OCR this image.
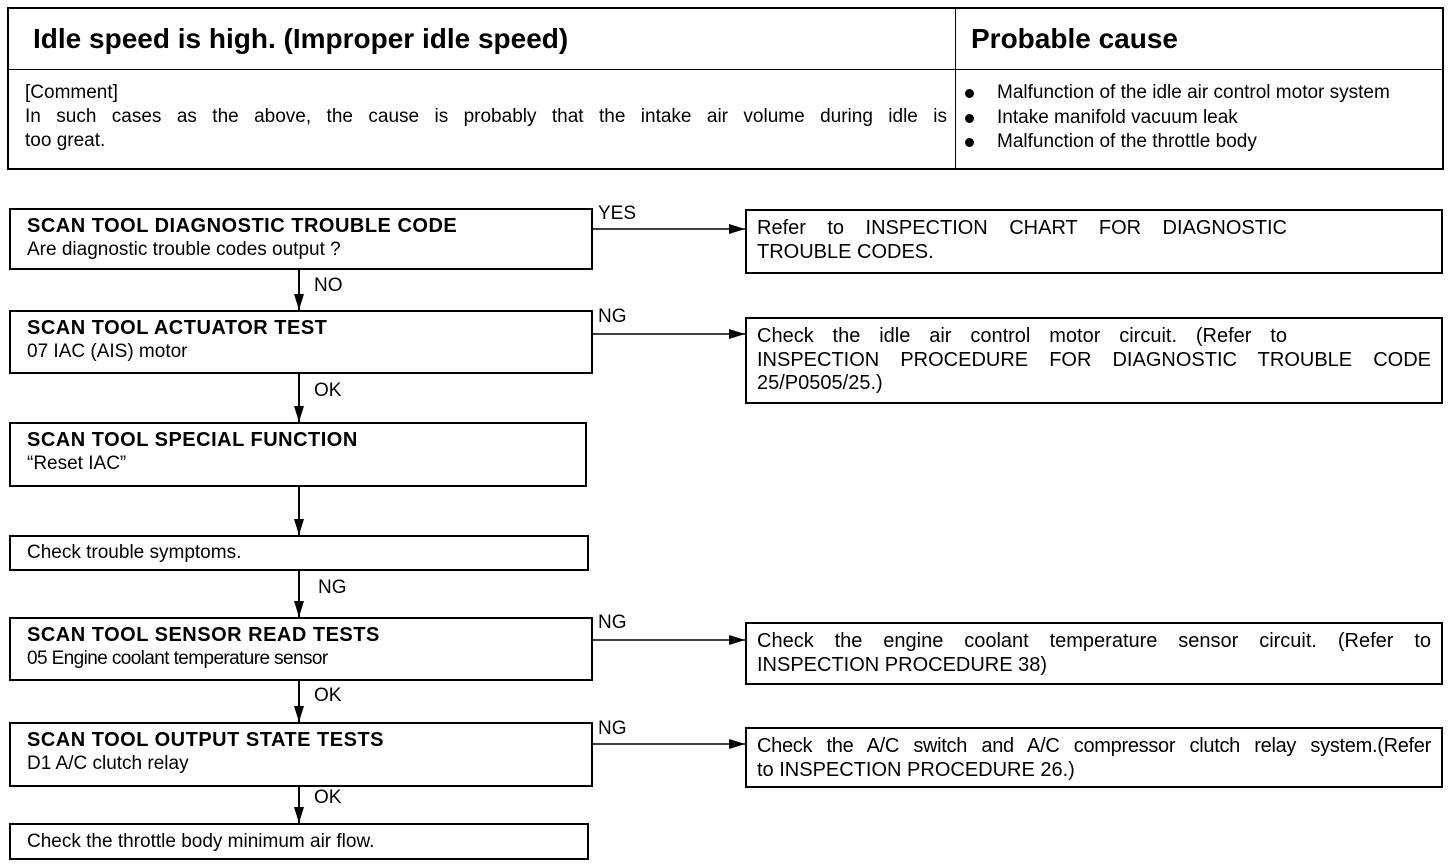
Idle speed is high. (Improper idle speed)	Probable cause
[Comment]
In such cases as the above, the cause is probably that the intake air volume during idle is
too great.
Malfunction of the idle air control motor system
Intake manifold vacuum leak
Malfunction of the throttle body
SCAN TOOL DIAGNOSTIC TROUBLE CODE
Are diagnostic trouble codes output ?
SCAN TOOL ACTUATOR TEST
07 IAC (AIS) motor
SCAN TOOL SPECIAL FUNCTION
“Reset IAC”
Check trouble symptoms.
SCAN TOOL SENSOR READ TESTS
05 Engine coolant temperature sensor
SCAN TOOL OUTPUT STATE TESTS
D1 A/C clutch relay
Check the throttle body minimum air flow.
YES
NO
NG
OK
NG
NG
OK
NG
OK
Refer to INSPECTION CHART FOR DIAGNOSTIC
TROUBLE CODES.
Check the idle air control motor circuit. (Refer to
INSPECTION PROCEDURE FOR DIAGNOSTIC TROUBLE CODE
25/P0505/25.)
Check the engine coolant temperature sensor circuit. (Refer to
INSPECTION PROCEDURE 38)
Check the A/C switch and A/C compressor clutch relay system.(Refer
to INSPECTION PROCEDURE 26.)
